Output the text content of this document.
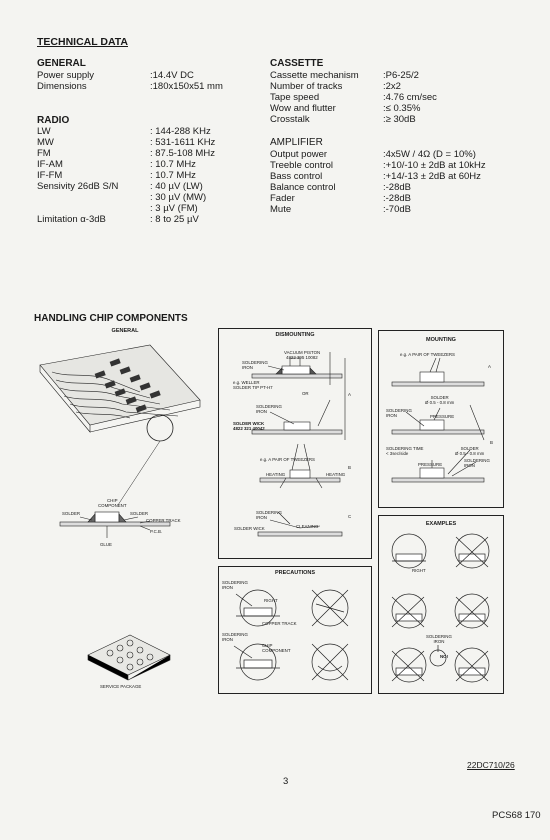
TECHNICAL DATA
GENERAL
Power supply	:14.4V DC
Dimensions	:180x150x51 mm
RADIO
LW	: 144-288 KHz
MW	: 531-1611 KHz
FM	: 87.5-108 MHz
IF-AM	: 10.7 MHz
IF-FM	: 10.7 MHz
Sensivity 26dB S/N	: 40 µV (LW)
: 30 µV (MW)
: 3 µV (FM)
Limitation α-3dB	: 8 to 25 µV
CASSETTE
Cassette mechanism	:P6-25/2
Number of tracks	:2x2
Tape speed	:4.76 cm/sec
Wow and flutter	:≤ 0.35%
Crosstalk	:≥ 30dB
AMPLIFIER
Output power	:4x5W / 4Ω (D = 10%)
Treeble control	:+10/-10 ± 2dB at 10kHz
Bass control	:+14/-13 ± 2dB at 60Hz
Balance control	:-28dB
Fader	:-28dB
Mute	:-70dB
HANDLING CHIP COMPONENTS
GENERAL
CHIP
COMPONENT
SOLDER	SOLDER
COPPER TRACK
P.C.B.
GLUE
SERVICE PACKAGE
DISMOUNTING
VACUUM PISTON
4822 395 10082
SOLDERING
IRON
e.g. WELLER
SOLDER TIP PT-H7
OR	A
SOLDERING
IRON
SOLDER WICK
4822 321 40042
e.g. A PAIR OF TWEEZERS
B
HEATING	HEATING
SOLDERING
IRON	C
SOLDER WICK	CLEANING
MOUNTING
e.g. A PAIR OF TWEEZERS
A
SOLDER
Ø 0.5 - 0.8 mm
SOLDERING
IRON	PRESSURE
B
SOLDERING TIME
< 3sec/side
SOLDER
Ø 0.5 - 0.8 mm
SOLDERING
IRON
PRESSURE
EXAMPLES
RIGHT
SOLDERING
IRON
NO!
PRECAUTIONS
SOLDERING
IRON
RIGHT
COPPER TRACK
SOLDERING
IRON
CHIP
COMPONENT
22DC710/26
3
PCS68 170
